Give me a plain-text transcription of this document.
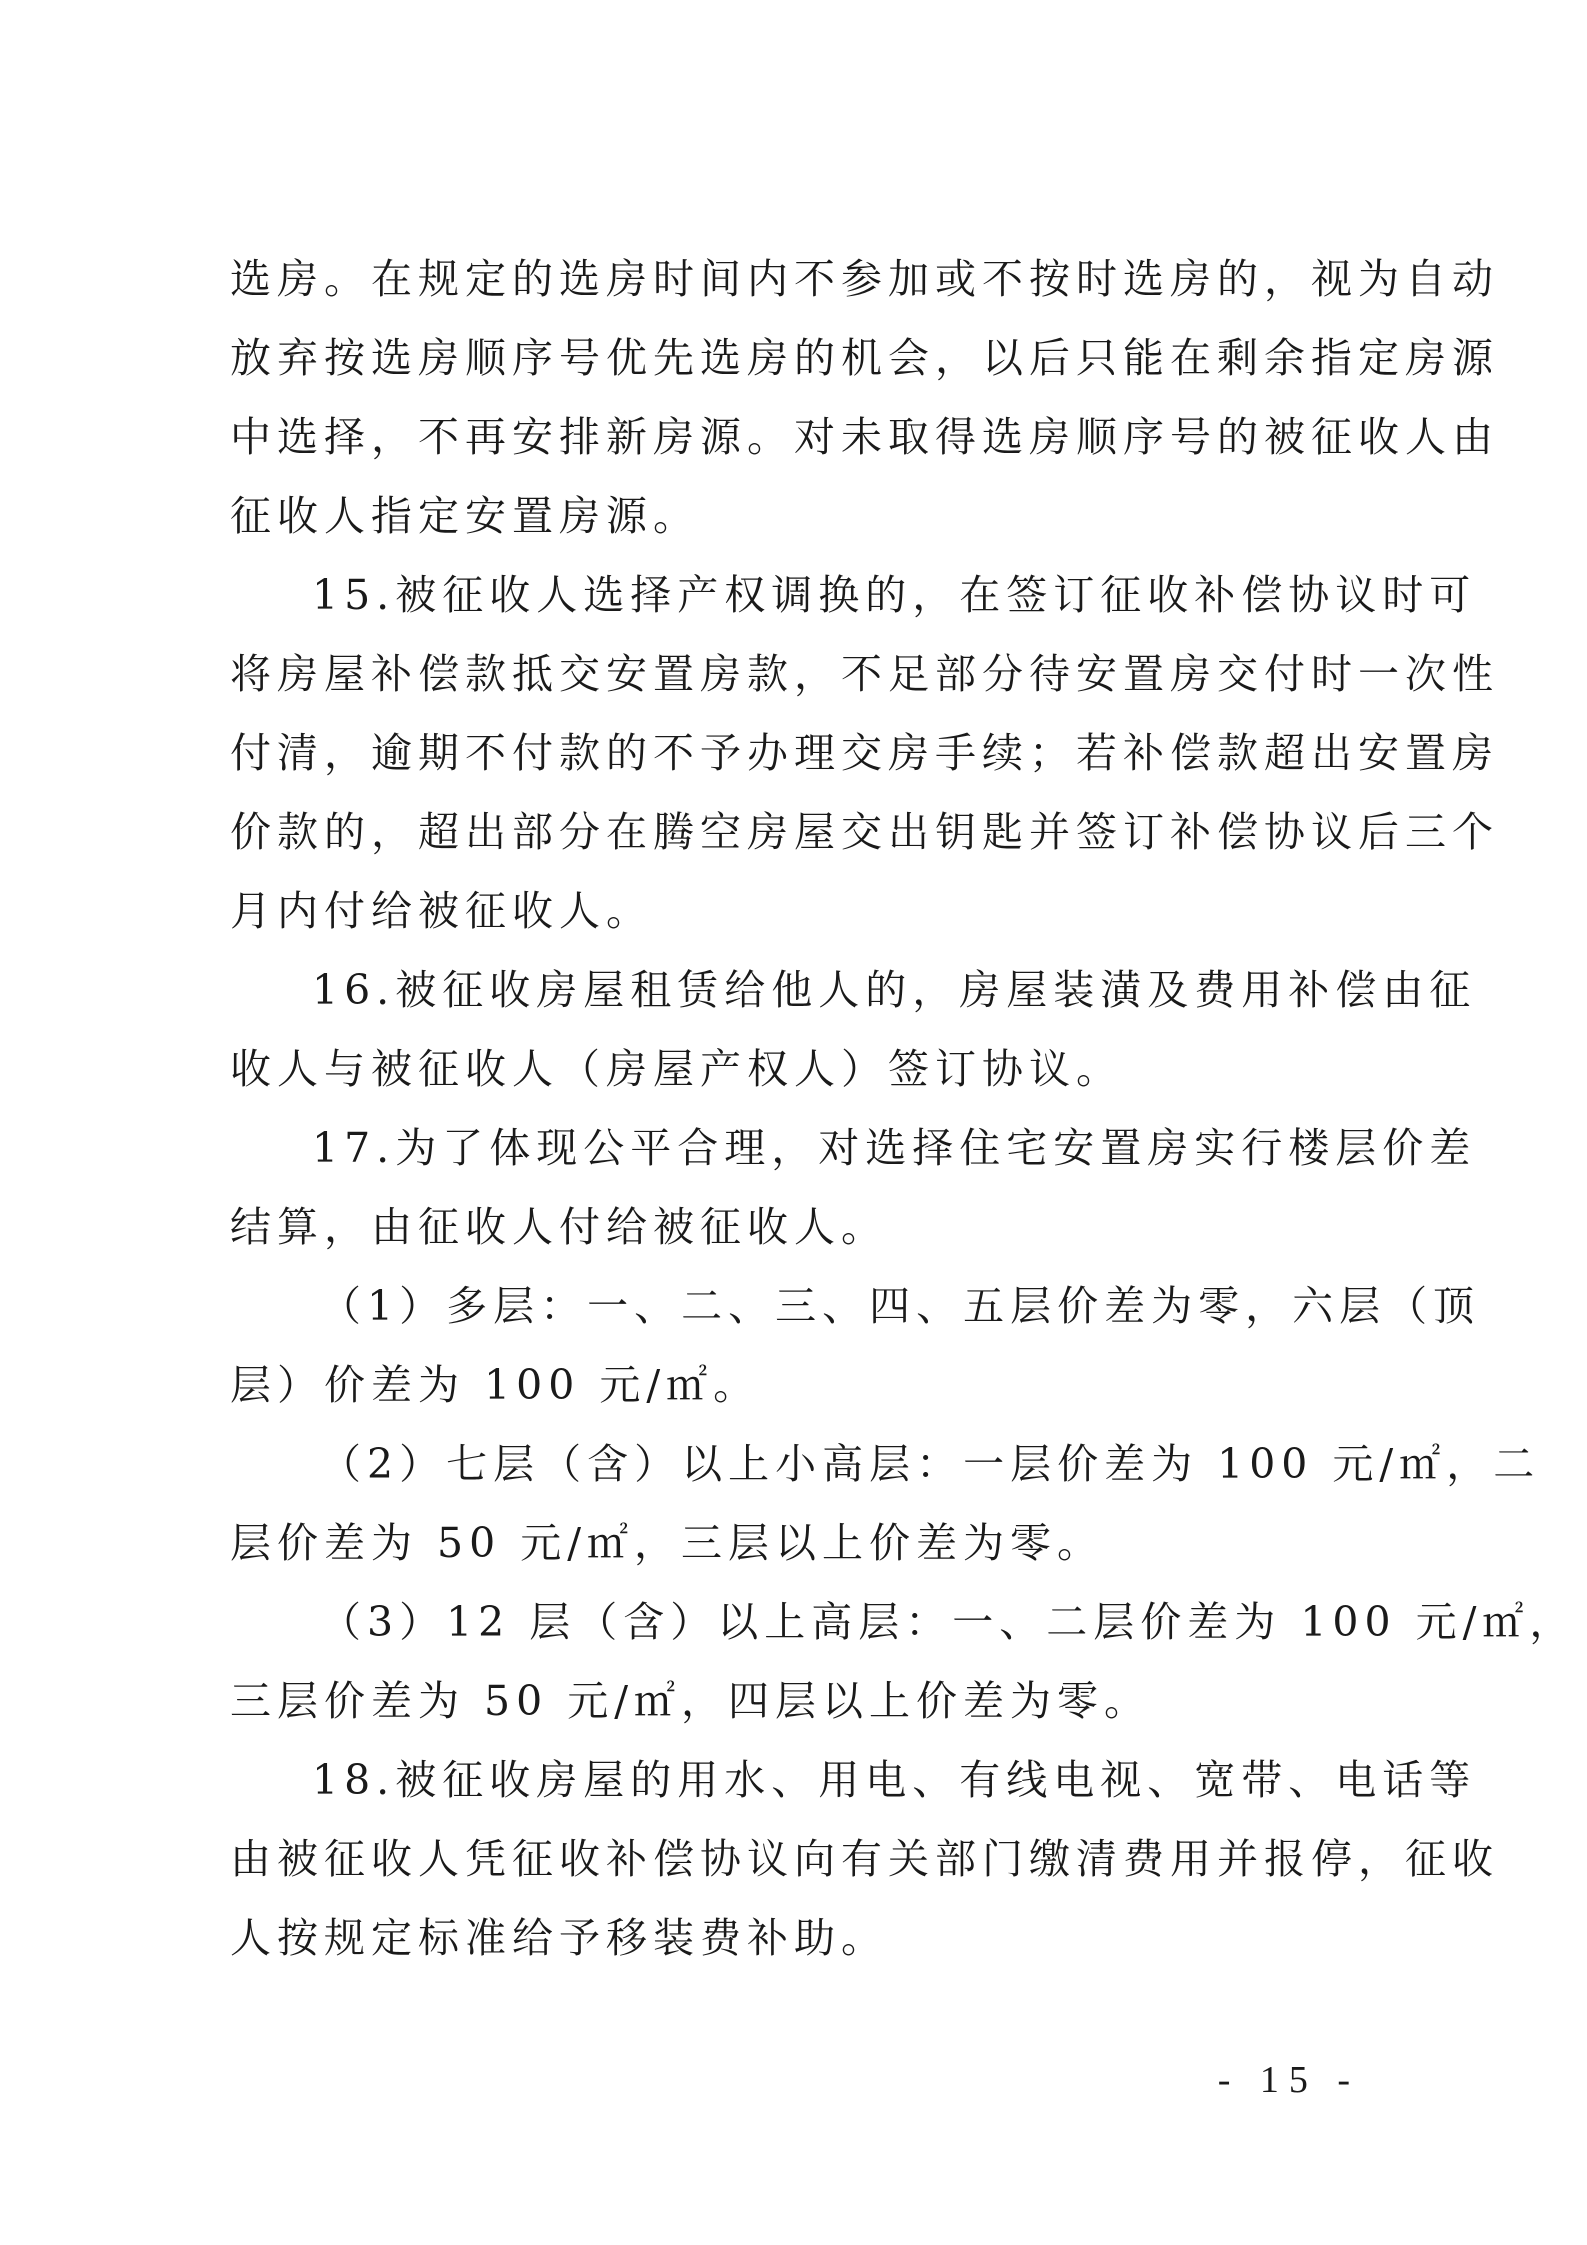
选房。在规定的选房时间内不参加或不按时选房的，视为自动

放弃按选房顺序号优先选房的机会，以后只能在剩余指定房源

中选择，不再安排新房源。对未取得选房顺序号的被征收人由

征收人指定安置房源。

15.被征收人选择产权调换的，在签订征收补偿协议时可

将房屋补偿款抵交安置房款，不足部分待安置房交付时一次性

付清，逾期不付款的不予办理交房手续；若补偿款超出安置房

价款的，超出部分在腾空房屋交出钥匙并签订补偿协议后三个

月内付给被征收人。

16.被征收房屋租赁给他人的，房屋装潢及费用补偿由征

收人与被征收人（房屋产权人）签订协议。

17.为了体现公平合理，对选择住宅安置房实行楼层价差

结算，由征收人付给被征收人。

（1）多层：一、二、三、四、五层价差为零，六层（顶

层）价差为 100 元/㎡。

（2）七层（含）以上小高层：一层价差为 100 元/㎡，二

层价差为 50 元/㎡，三层以上价差为零。

（3）12 层（含）以上高层：一、二层价差为 100 元/㎡，

三层价差为 50 元/㎡，四层以上价差为零。

18.被征收房屋的用水、用电、有线电视、宽带、电话等

由被征收人凭征收补偿协议向有关部门缴清费用并报停，征收

人按规定标准给予移装费补助。

- 15 -
